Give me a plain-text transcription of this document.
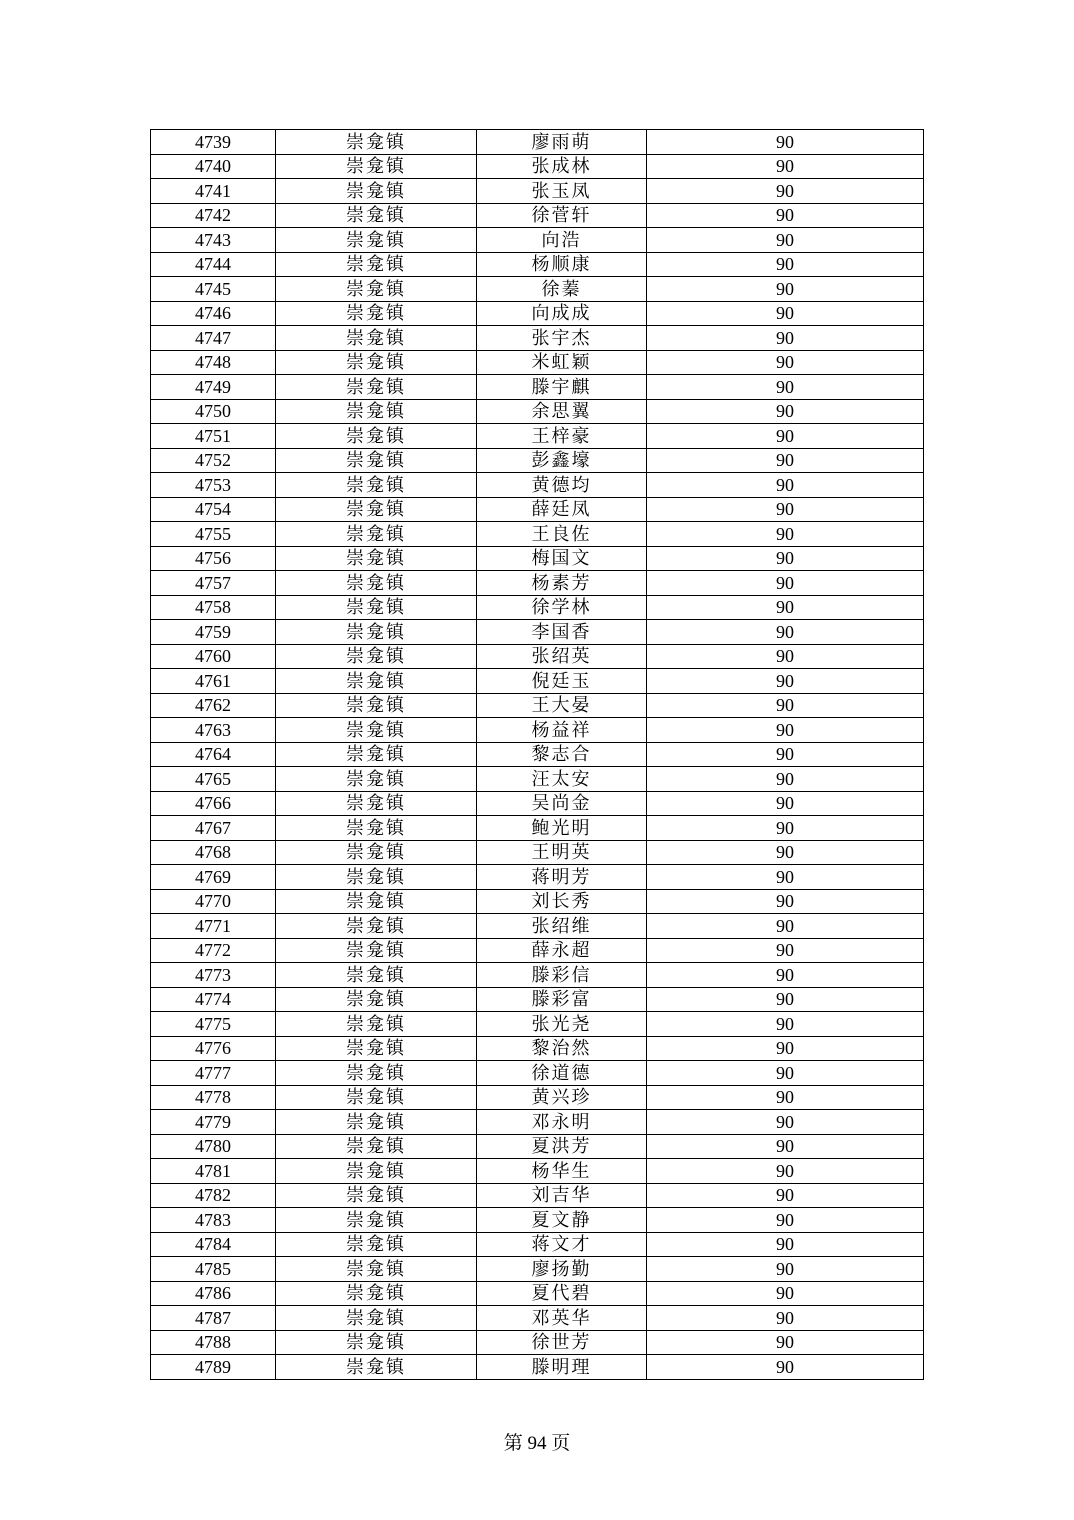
4739	崇龛镇	廖雨萌	90
4740	崇龛镇	张成林	90
4741	崇龛镇	张玉凤	90
4742	崇龛镇	徐菅轩	90
4743	崇龛镇	向浩	90
4744	崇龛镇	杨顺康	90
4745	崇龛镇	徐蓁	90
4746	崇龛镇	向成成	90
4747	崇龛镇	张宇杰	90
4748	崇龛镇	米虹颖	90
4749	崇龛镇	滕宇麒	90
4750	崇龛镇	余思翼	90
4751	崇龛镇	王梓豪	90
4752	崇龛镇	彭鑫壕	90
4753	崇龛镇	黄德均	90
4754	崇龛镇	薛廷凤	90
4755	崇龛镇	王良佐	90
4756	崇龛镇	梅国文	90
4757	崇龛镇	杨素芳	90
4758	崇龛镇	徐学林	90
4759	崇龛镇	李国香	90
4760	崇龛镇	张绍英	90
4761	崇龛镇	倪廷玉	90
4762	崇龛镇	王大晏	90
4763	崇龛镇	杨益祥	90
4764	崇龛镇	黎志合	90
4765	崇龛镇	汪太安	90
4766	崇龛镇	吴尚金	90
4767	崇龛镇	鲍光明	90
4768	崇龛镇	王明英	90
4769	崇龛镇	蒋明芳	90
4770	崇龛镇	刘长秀	90
4771	崇龛镇	张绍维	90
4772	崇龛镇	薛永超	90
4773	崇龛镇	滕彩信	90
4774	崇龛镇	滕彩富	90
4775	崇龛镇	张光尧	90
4776	崇龛镇	黎治然	90
4777	崇龛镇	徐道德	90
4778	崇龛镇	黄兴珍	90
4779	崇龛镇	邓永明	90
4780	崇龛镇	夏洪芳	90
4781	崇龛镇	杨华生	90
4782	崇龛镇	刘吉华	90
4783	崇龛镇	夏文静	90
4784	崇龛镇	蒋文才	90
4785	崇龛镇	廖扬勤	90
4786	崇龛镇	夏代碧	90
4787	崇龛镇	邓英华	90
4788	崇龛镇	徐世芳	90
4789	崇龛镇	滕明理	90
第 94 页
